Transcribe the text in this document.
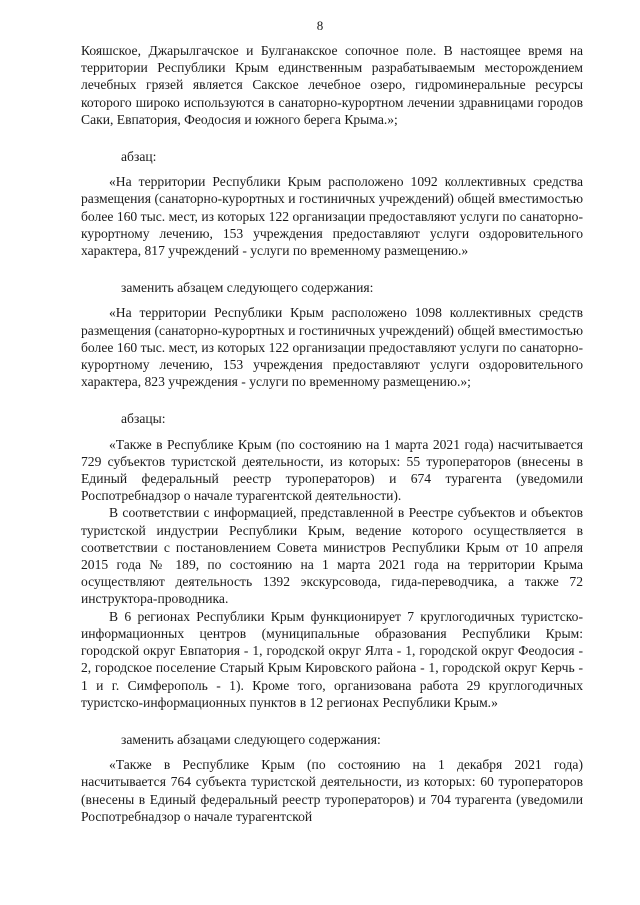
8

Кояшское, Джарылгачское и Булганакское сопочное поле. В настоящее время на территории Республики Крым единственным разрабатываемым месторождением лечебных грязей является Сакское лечебное озеро, гидроминеральные ресурсы которого широко используются в санаторно-курортном лечении здравницами городов Саки, Евпатория, Феодосия и южного берега Крыма.»;

абзац:

«На территории Республики Крым расположено 1092 коллективных средства размещения (санаторно-курортных и гостиничных учреждений) общей вместимостью более 160 тыс. мест, из которых 122 организации предоставляют услуги по санаторно-курортному лечению, 153 учреждения предоставляют услуги оздоровительного характера, 817 учреждений - услуги по временному размещению.»

заменить абзацем следующего содержания:

«На территории Республики Крым расположено 1098 коллективных средств размещения (санаторно-курортных и гостиничных учреждений) общей вместимостью более 160 тыс. мест, из которых 122 организации предоставляют услуги по санаторно-курортному лечению, 153 учреждения предоставляют услуги оздоровительного характера, 823 учреждения - услуги по временному размещению.»;

абзацы:

«Также в Республике Крым (по состоянию на 1 марта 2021 года) насчитывается 729 субъектов туристской деятельности, из которых: 55 туроператоров (внесены в Единый федеральный реестр туроператоров) и 674 турагента (уведомили Роспотребнадзор о начале турагентской деятельности).

В соответствии с информацией, представленной в Реестре субъектов и объектов туристской индустрии Республики Крым, ведение которого осуществляется в соответствии с постановлением Совета министров Республики Крым от 10 апреля 2015 года № 189, по состоянию на 1 марта 2021 года на территории Крыма осуществляют деятельность 1392 экскурсовода, гида-переводчика, а также 72 инструктора-проводника.

В 6 регионах Республики Крым функционирует 7 круглогодичных туристско-информационных центров (муниципальные образования Республики Крым: городской округ Евпатория - 1, городской округ Ялта - 1, городской округ Феодосия - 2, городское поселение Старый Крым Кировского района - 1, городской округ Керчь - 1 и г. Симферополь - 1). Кроме того, организована работа 29 круглогодичных туристско-информационных пунктов в 12 регионах Республики Крым.»

заменить абзацами следующего содержания:

«Также в Республике Крым (по состоянию на 1 декабря 2021 года) насчитывается 764 субъекта туристской деятельности, из которых: 60 туроператоров (внесены в Единый федеральный реестр туроператоров) и 704 турагента (уведомили Роспотребнадзор о начале турагентской
